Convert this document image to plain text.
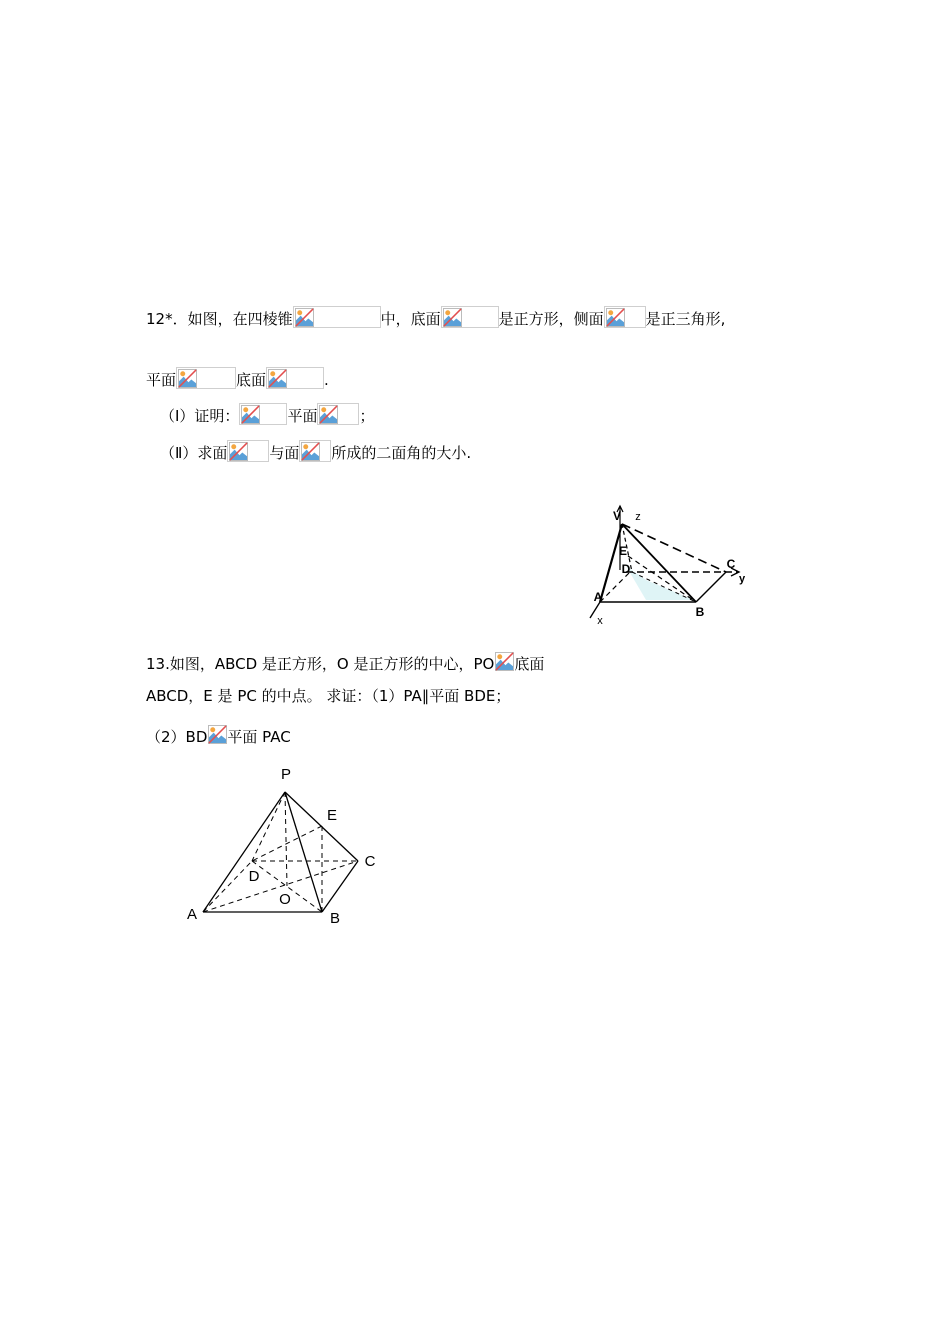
12*．如图，在四棱锥	中，底面	是正方形，侧面	是正三角形,
平面	底面	.
（Ⅰ）证明：	平面	；
（Ⅱ）求面	与面 所成的二面角的大小.
V z
E
D	C
y
A
B
x
13.如图，ABCD 是正方形，O 是正方形的中心，PO 底面
ABCD，E 是 PC 的中点。 求证：（1）PA∥平面 BDE；
（2）BD 平面 PAC
P
E
C
D
O
A	B
